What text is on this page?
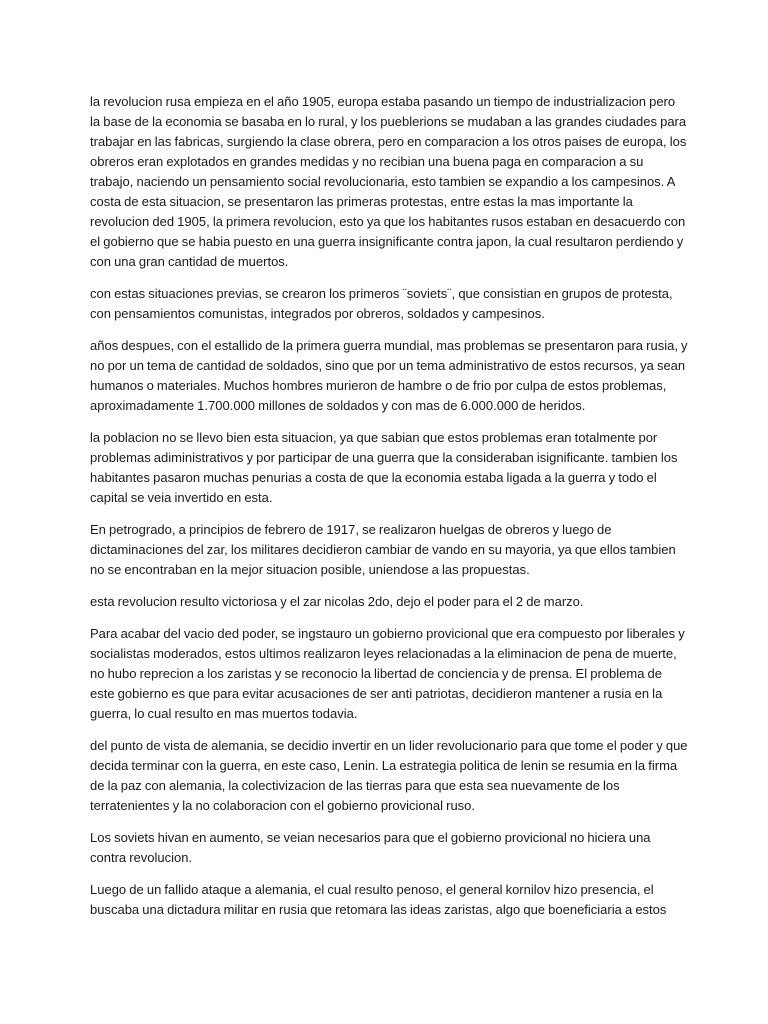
la revolucion rusa empieza en el año 1905, europa estaba pasando un tiempo de industrializacion pero la base de la economia se basaba en lo rural, y los pueblerions se mudaban a las grandes ciudades para trabajar en las fabricas, surgiendo la clase obrera, pero en comparacion a los otros paises de europa, los obreros eran explotados en grandes medidas y no recibian una buena paga en comparacion a su trabajo, naciendo un pensamiento social revolucionaria, esto tambien se expandio a los campesinos. A costa de esta situacion, se presentaron las primeras protestas, entre estas la mas importante la revolucion ded 1905, la primera revolucion, esto ya que los habitantes rusos estaban en desacuerdo con el gobierno que se habia puesto en una guerra insignificante contra japon, la cual resultaron perdiendo y con una gran cantidad de muertos.

con estas situaciones previas, se crearon los primeros ¨soviets¨, que consistian en grupos de protesta, con pensamientos comunistas, integrados por obreros, soldados y campesinos.

años despues, con el estallido de la primera guerra mundial, mas problemas se presentaron para rusia, y no por un tema de cantidad de soldados, sino que por un tema administrativo de estos recursos, ya sean humanos o materiales. Muchos hombres murieron de hambre o de frio por culpa de estos problemas, aproximadamente 1.700.000 millones de soldados y con mas de 6.000.000 de heridos.

la poblacion no se llevo bien esta situacion, ya que sabian que estos problemas eran totalmente por problemas adiministrativos y por participar de una guerra que la consideraban isignificante. tambien los habitantes pasaron muchas penurias a costa de que la economia estaba ligada a la guerra y todo el capital se veia invertido en esta.

En petrogrado, a principios de febrero de 1917, se realizaron huelgas de obreros y luego de dictaminaciones del zar, los militares decidieron cambiar de vando en su mayoria, ya que ellos tambien no se encontraban en la mejor situacion posible, uniendose a las propuestas.

esta revolucion resulto victoriosa y el zar nicolas 2do, dejo el poder para el 2 de marzo.

Para acabar del vacio ded poder, se ingstauro un gobierno provicional que era compuesto por liberales y socialistas moderados, estos ultimos realizaron leyes relacionadas a la eliminacion de pena de muerte, no hubo reprecion a los zaristas y se reconocio la libertad de conciencia y de prensa. El problema de este gobierno es que para evitar acusaciones de ser anti patriotas, decidieron mantener a rusia en la guerra, lo cual resulto en mas muertos todavia.

del punto de vista de alemania, se decidio invertir en un lider revolucionario para que tome el poder y que decida terminar con la guerra, en este caso, Lenin. La estrategia politica de lenin se resumia en la firma de la paz con alemania, la colectivizacion de las tierras para que esta sea nuevamente de los terratenientes y la no colaboracion con el gobierno provicional ruso.

Los soviets hivan en aumento, se veian necesarios para que el gobierno provicional no hiciera una contra revolucion.

Luego de un fallido ataque a alemania, el cual resulto penoso, el general kornilov hizo presencia, el buscaba una dictadura militar en rusia que retomara las ideas zaristas, algo que boeneficiaria a estos
